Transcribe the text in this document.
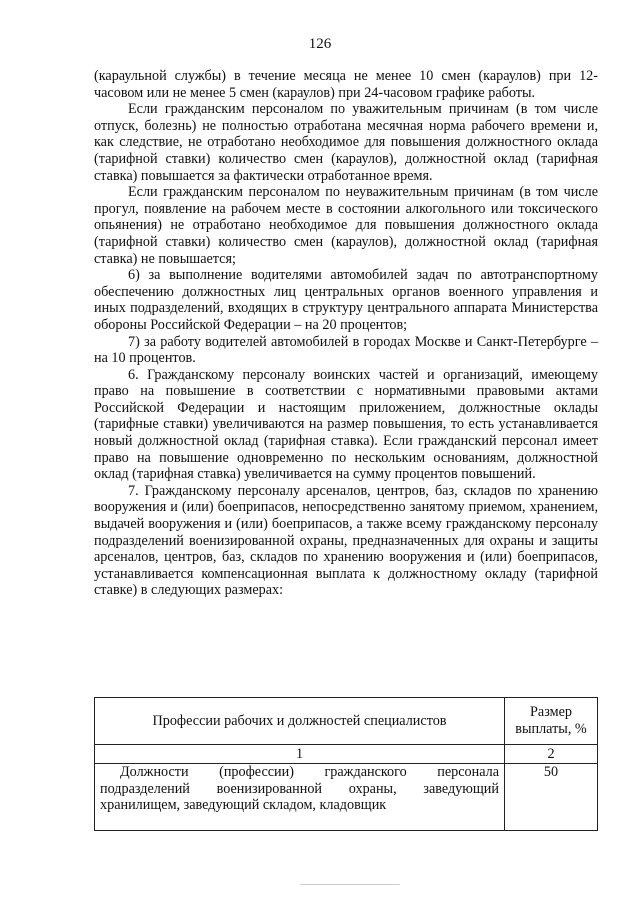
126

(караульной службы) в течение месяца не менее 10 смен (караулов) при 12-часовом или не менее 5 смен (караулов) при 24-часовом графике работы.

Если гражданским персоналом по уважительным причинам (в том числе отпуск, болезнь) не полностью отработана месячная норма рабочего времени и, как следствие, не отработано необходимое для повышения должностного оклада (тарифной ставки) количество смен (караулов), должностной оклад (тарифная ставка) повышается за фактически отработанное время.

Если гражданским персоналом по неуважительным причинам (в том числе прогул, появление на рабочем месте в состоянии алкогольного или токсического опьянения) не отработано необходимое для повышения должностного оклада (тарифной ставки) количество смен (караулов), должностной оклад (тарифная ставка) не повышается;

6) за выполнение водителями автомобилей задач по автотранспортному обеспечению должностных лиц центральных органов военного управления и иных подразделений, входящих в структуру центрального аппарата Министерства обороны Российской Федерации – на 20 процентов;

7) за работу водителей автомобилей в городах Москве и Санкт-Петербурге – на 10 процентов.

6. Гражданскому персоналу воинских частей и организаций, имеющему право на повышение в соответствии с нормативными правовыми актами Российской Федерации и настоящим приложением, должностные оклады (тарифные ставки) увеличиваются на размер повышения, то есть устанавливается новый должностной оклад (тарифная ставка). Если гражданский персонал имеет право на повышение одновременно по нескольким основаниям, должностной оклад (тарифная ставка) увеличивается на сумму процентов повышений.

7. Гражданскому персоналу арсеналов, центров, баз, складов по хранению вооружения и (или) боеприпасов, непосредственно занятому приемом, хранением, выдачей вооружения и (или) боеприпасов, а также всему гражданскому персоналу подразделений военизированной охраны, предназначенных для охраны и защиты арсеналов, центров, баз, складов по хранению вооружения и (или) боеприпасов, устанавливается компенсационная выплата к должностному окладу (тарифной ставке) в следующих размерах:

Профессии рабочих и должностей специалистов	Размер выплаты, %
1	2
Должности (профессии) гражданского персонала подразделений военизированной охраны, заведующий хранилищем, заведующий складом, кладовщик	50
